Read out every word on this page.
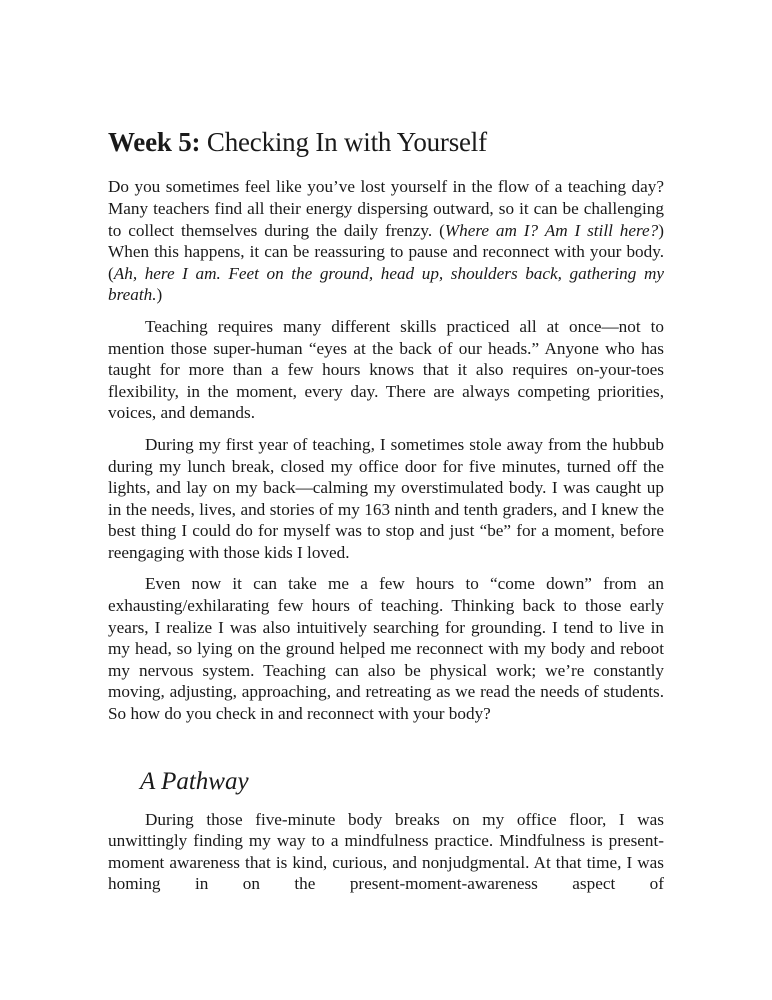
Week 5: Checking In with Yourself

Do you sometimes feel like you’ve lost yourself in the flow of a teaching day? Many teachers find all their energy dispersing outward, so it can be challenging to collect themselves during the daily frenzy. (Where am I? Am I still here?) When this happens, it can be reassuring to pause and reconnect with your body. (Ah, here I am. Feet on the ground, head up, shoulders back, gathering my breath.)

Teaching requires many different skills practiced all at once—not to mention those super-human “eyes at the back of our heads.” Anyone who has taught for more than a few hours knows that it also requires on-your-toes flexibility, in the moment, every day. There are always competing priorities, voices, and demands.

During my first year of teaching, I sometimes stole away from the hubbub during my lunch break, closed my office door for five minutes, turned off the lights, and lay on my back—calming my overstimulated body. I was caught up in the needs, lives, and stories of my 163 ninth and tenth graders, and I knew the best thing I could do for myself was to stop and just “be” for a moment, before reengaging with those kids I loved.

Even now it can take me a few hours to “come down” from an exhausting/exhilarating few hours of teaching. Thinking back to those early years, I realize I was also intuitively searching for grounding. I tend to live in my head, so lying on the ground helped me reconnect with my body and reboot my nervous system. Teaching can also be physical work; we’re constantly moving, adjusting, approaching, and retreating as we read the needs of students. So how do you check in and reconnect with your body?

A Pathway

During those five-minute body breaks on my office floor, I was unwittingly finding my way to a mindfulness practice. Mindfulness is present-moment awareness that is kind, curious, and nonjudgmental. At that time, I was homing in on the present-moment-awareness aspect of
